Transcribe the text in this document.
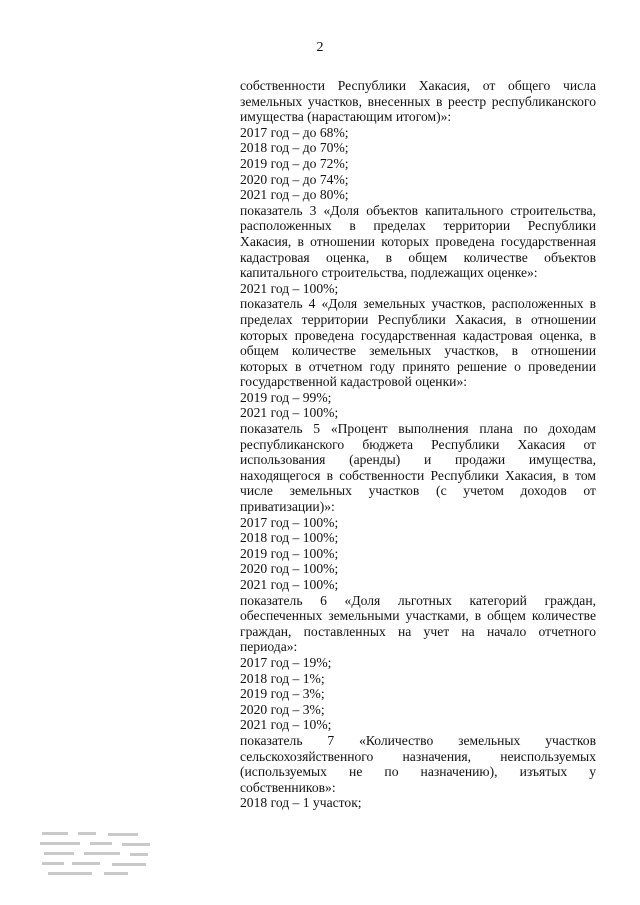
2
собственности Республики Хакасия, от общего числа
земельных участков, внесенных в реестр республиканского
имущества (нарастающим итогом)»:
2017 год – до 68%;
2018 год – до 70%;
2019 год – до 72%;
2020 год – до 74%;
2021 год – до 80%;
показатель 3 «Доля объектов капитального строительства,
расположенных в пределах территории Республики
Хакасия, в отношении которых проведена государственная
кадастровая оценка, в общем количестве объектов
капитального строительства, подлежащих оценке»:
2021 год – 100%;
показатель 4 «Доля земельных участков, расположенных в
пределах территории Республики Хакасия, в отношении
которых проведена государственная кадастровая оценка, в
общем количестве земельных участков, в отношении
которых в отчетном году принято решение о проведении
государственной кадастровой оценки»:
2019 год – 99%;
2021 год – 100%;
показатель 5 «Процент выполнения плана по доходам
республиканского бюджета Республики Хакасия от
использования (аренды) и продажи имущества,
находящегося в собственности Республики Хакасия, в том
числе земельных участков (с учетом доходов от
приватизации)»:
2017 год – 100%;
2018 год – 100%;
2019 год – 100%;
2020 год – 100%;
2021 год – 100%;
показатель 6 «Доля льготных категорий граждан,
обеспеченных земельными участками, в общем количестве
граждан, поставленных на учет на начало отчетного
периода»:
2017 год – 19%;
2018 год – 1%;
2019 год – 3%;
2020 год – 3%;
2021 год – 10%;
показатель 7 «Количество земельных участков
сельскохозяйственного назначения, неиспользуемых
(используемых не по назначению), изъятых у
собственников»:
2018 год – 1 участок;
